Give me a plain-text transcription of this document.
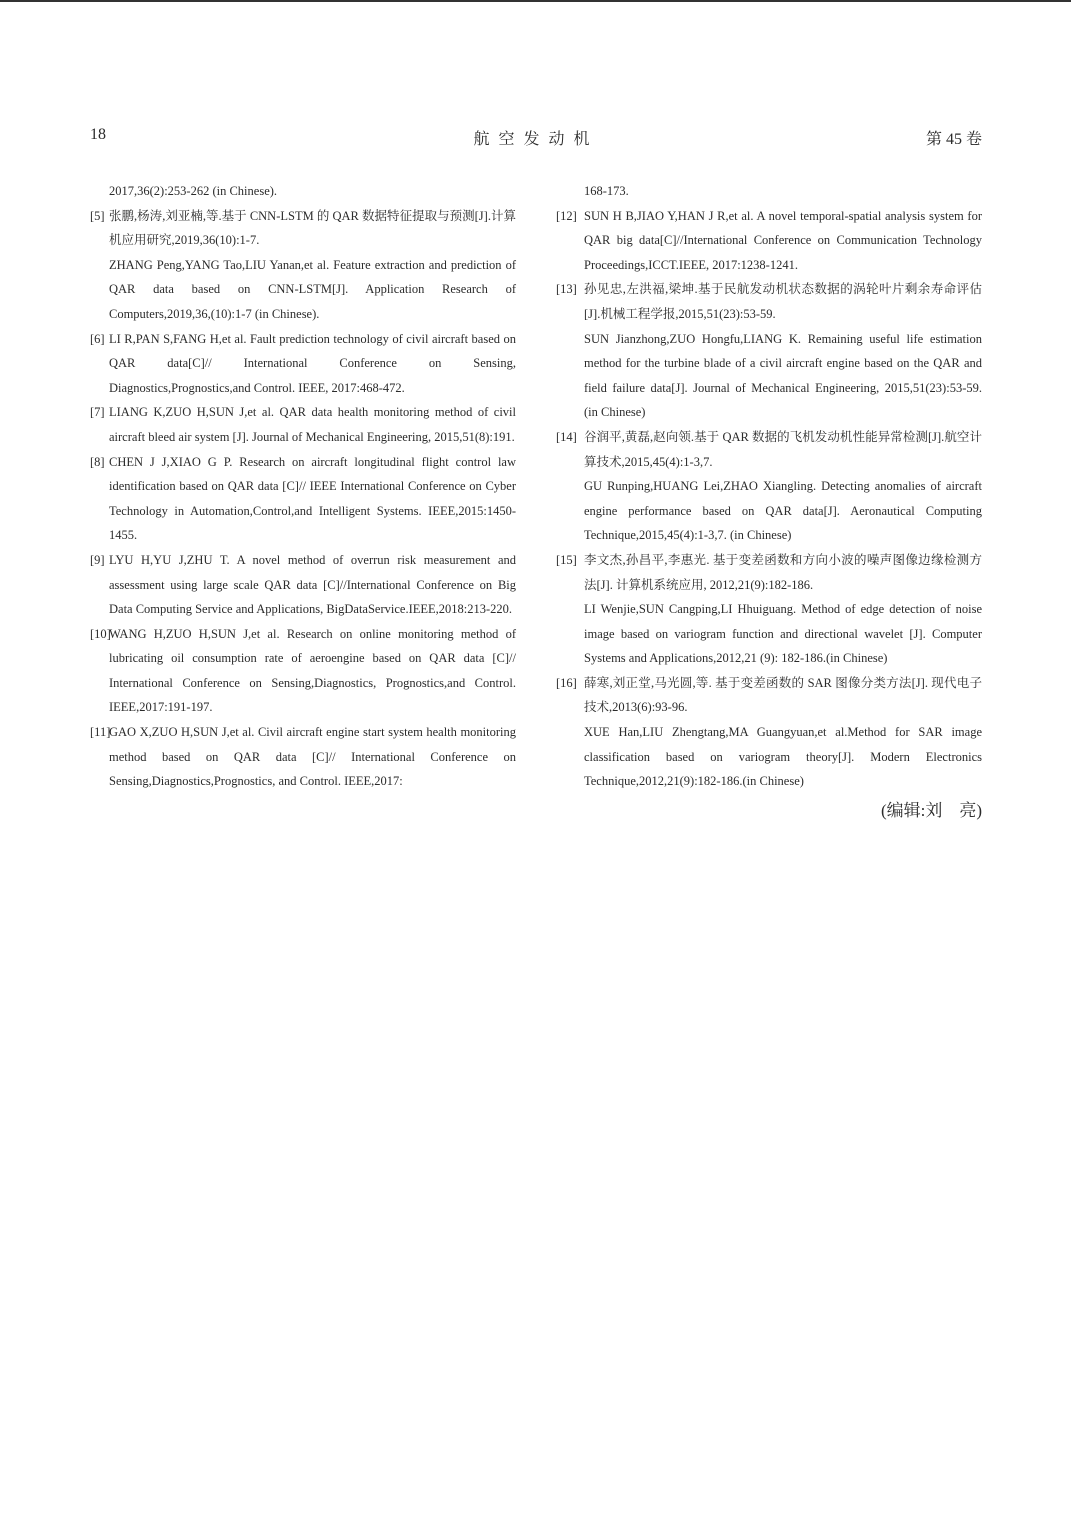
18	航空发动机	第 45 卷
2017,36(2):253-262 (in Chinese).
[5] 张鹏,杨涛,刘亚楠,等.基于 CNN-LSTM 的 QAR 数据特征提取与预测[J].计算机应用研究,2019,36(10):1-7.
ZHANG Peng,YANG Tao,LIU Yanan,et al. Feature extraction and prediction of QAR data based on CNN-LSTM[J]. Application Research of Computers,2019,36,(10):1-7 (in Chinese).
[6] LI R,PAN S,FANG H,et al. Fault prediction technology of civil aircraft based on QAR data[C]// International Conference on Sensing, Diagnostics,Prognostics,and Control. IEEE, 2017:468-472.
[7] LIANG K,ZUO H,SUN J,et al. QAR data health monitoring method of civil aircraft bleed air system [J]. Journal of Mechanical Engineering, 2015,51(8):191.
[8] CHEN J J,XIAO G P. Research on aircraft longitudinal flight control law identification based on QAR data [C]// IEEE International Conference on Cyber Technology in Automation,Control,and Intelligent Systems. IEEE,2015:1450-1455.
[9] LYU H,YU J,ZHU T. A novel method of overrun risk measurement and assessment using large scale QAR data [C]//International Conference on Big Data Computing Service and Applications, BigDataService.IEEE,2018:213-220.
[10]
WANG H,ZUO H,SUN J,et al. Research on online monitoring method of lubricating oil consumption rate of aeroengine based on QAR data [C]// International Conference on Sensing,Diagnostics, Prognostics,and Control. IEEE,2017:191-197.
[11]
GAO X,ZUO H,SUN J,et al. Civil aircraft engine start system health monitoring method based on QAR data [C]// International Conference on Sensing,Diagnostics,Prognostics, and Control. IEEE,2017:
168-173.
[12] SUN H B,JIAO Y,HAN J R,et al. A novel temporal-spatial analysis system for QAR big data[C]//International Conference on Communication Technology Proceedings,ICCT.IEEE, 2017:1238-1241.
[13] 孙见忠,左洪福,梁坤.基于民航发动机状态数据的涡轮叶片剩余寿命评估[J].机械工程学报,2015,51(23):53-59.
SUN Jianzhong,ZUO Hongfu,LIANG K. Remaining useful life estimation method for the turbine blade of a civil aircraft engine based on the QAR and field failure data[J]. Journal of Mechanical Engineering, 2015,51(23):53-59. (in Chinese)
[14] 谷润平,黄磊,赵向领.基于 QAR 数据的飞机发动机性能异常检测[J].航空计算技术,2015,45(4):1-3,7.
GU Runping,HUANG Lei,ZHAO Xiangling. Detecting anomalies of aircraft engine performance based on QAR data[J]. Aeronautical Computing Technique,2015,45(4):1-3,7. (in Chinese)
[15] 李文杰,孙昌平,李惠光. 基于变差函数和方向小波的噪声图像边缘检测方法[J]. 计算机系统应用, 2012,21(9):182-186.
LI Wenjie,SUN Cangping,LI Hhuiguang. Method of edge detection of noise image based on variogram function and directional wavelet [J]. Computer Systems and Applications,2012,21 (9): 182-186.(in Chinese)
[16] 薛寒,刘正堂,马光圆,等. 基于变差函数的 SAR 图像分类方法[J]. 现代电子技术,2013(6):93-96.
XUE Han,LIU Zhengtang,MA Guangyuan,et al.Method for SAR image classification based on variogram theory[J]. Modern Electronics Technique,2012,21(9):182-186.(in Chinese)
(编辑:刘　亮)
